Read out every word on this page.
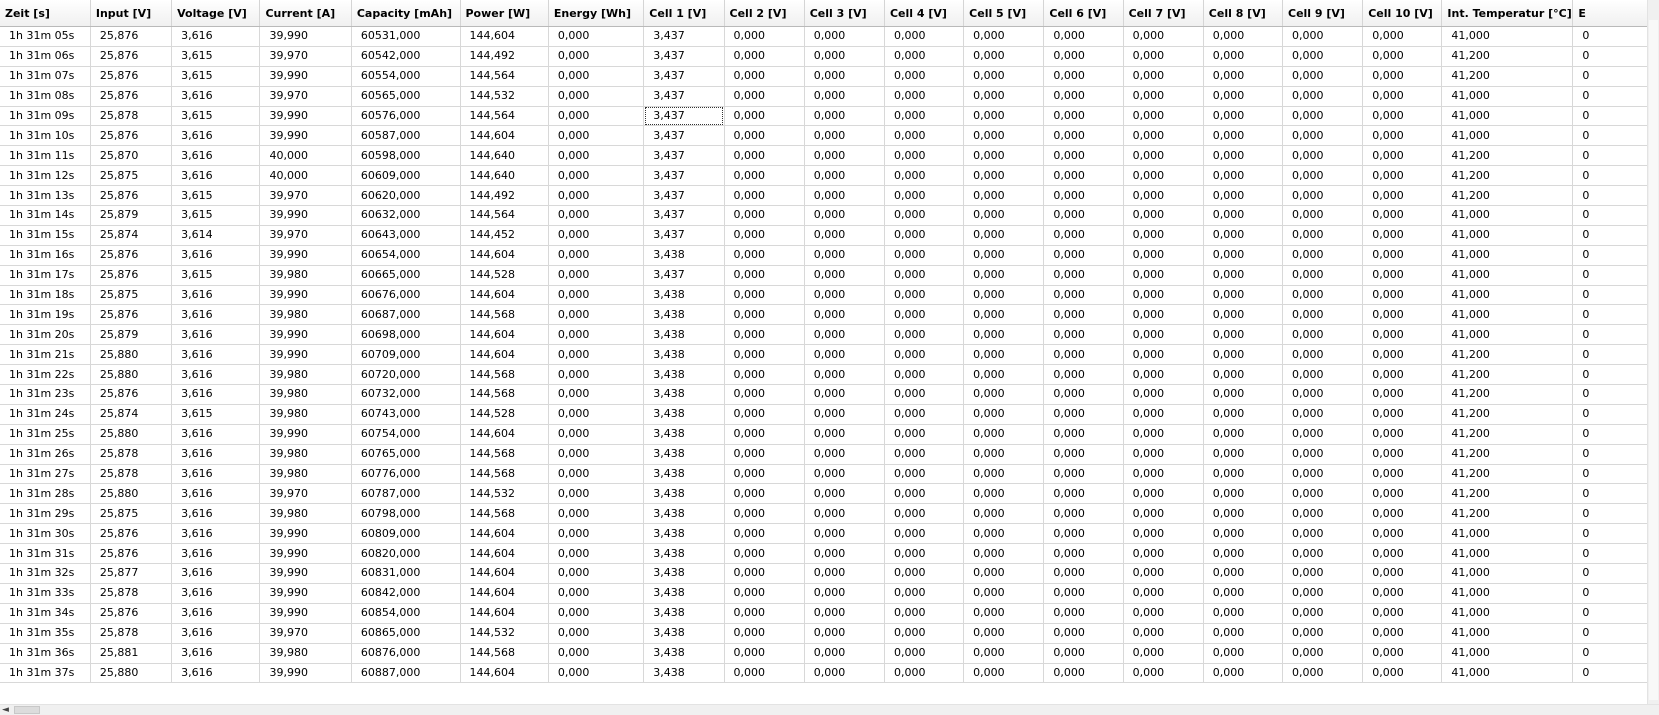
Zeit [s]	Input [V]	Voltage [V]	Current [A]	Capacity [mAh]	Power [W]	Energy [Wh]	Cell 1 [V]	Cell 2 [V]	Cell 3 [V]	Cell 4 [V]	Cell 5 [V]	Cell 6 [V]	Cell 7 [V]	Cell 8 [V]	Cell 9 [V]	Cell 10 [V]	Int. Temperatur [°C]	E
1h 31m 05s	25,876	3,616	39,990	60531,000	144,604	0,000	3,437	0,000	0,000	0,000	0,000	0,000	0,000	0,000	0,000	0,000	41,000	0
1h 31m 06s	25,876	3,615	39,970	60542,000	144,492	0,000	3,437	0,000	0,000	0,000	0,000	0,000	0,000	0,000	0,000	0,000	41,200	0
1h 31m 07s	25,876	3,615	39,990	60554,000	144,564	0,000	3,437	0,000	0,000	0,000	0,000	0,000	0,000	0,000	0,000	0,000	41,200	0
1h 31m 08s	25,876	3,616	39,970	60565,000	144,532	0,000	3,437	0,000	0,000	0,000	0,000	0,000	0,000	0,000	0,000	0,000	41,000	0
1h 31m 09s	25,878	3,615	39,990	60576,000	144,564	0,000	3,437	0,000	0,000	0,000	0,000	0,000	0,000	0,000	0,000	0,000	41,000	0
1h 31m 10s	25,876	3,616	39,990	60587,000	144,604	0,000	3,437	0,000	0,000	0,000	0,000	0,000	0,000	0,000	0,000	0,000	41,000	0
1h 31m 11s	25,870	3,616	40,000	60598,000	144,640	0,000	3,437	0,000	0,000	0,000	0,000	0,000	0,000	0,000	0,000	0,000	41,200	0
1h 31m 12s	25,875	3,616	40,000	60609,000	144,640	0,000	3,437	0,000	0,000	0,000	0,000	0,000	0,000	0,000	0,000	0,000	41,200	0
1h 31m 13s	25,876	3,615	39,970	60620,000	144,492	0,000	3,437	0,000	0,000	0,000	0,000	0,000	0,000	0,000	0,000	0,000	41,200	0
1h 31m 14s	25,879	3,615	39,990	60632,000	144,564	0,000	3,437	0,000	0,000	0,000	0,000	0,000	0,000	0,000	0,000	0,000	41,000	0
1h 31m 15s	25,874	3,614	39,970	60643,000	144,452	0,000	3,437	0,000	0,000	0,000	0,000	0,000	0,000	0,000	0,000	0,000	41,000	0
1h 31m 16s	25,876	3,616	39,990	60654,000	144,604	0,000	3,438	0,000	0,000	0,000	0,000	0,000	0,000	0,000	0,000	0,000	41,000	0
1h 31m 17s	25,876	3,615	39,980	60665,000	144,528	0,000	3,437	0,000	0,000	0,000	0,000	0,000	0,000	0,000	0,000	0,000	41,000	0
1h 31m 18s	25,875	3,616	39,990	60676,000	144,604	0,000	3,438	0,000	0,000	0,000	0,000	0,000	0,000	0,000	0,000	0,000	41,000	0
1h 31m 19s	25,876	3,616	39,980	60687,000	144,568	0,000	3,438	0,000	0,000	0,000	0,000	0,000	0,000	0,000	0,000	0,000	41,000	0
1h 31m 20s	25,879	3,616	39,990	60698,000	144,604	0,000	3,438	0,000	0,000	0,000	0,000	0,000	0,000	0,000	0,000	0,000	41,000	0
1h 31m 21s	25,880	3,616	39,990	60709,000	144,604	0,000	3,438	0,000	0,000	0,000	0,000	0,000	0,000	0,000	0,000	0,000	41,200	0
1h 31m 22s	25,880	3,616	39,980	60720,000	144,568	0,000	3,438	0,000	0,000	0,000	0,000	0,000	0,000	0,000	0,000	0,000	41,200	0
1h 31m 23s	25,876	3,616	39,980	60732,000	144,568	0,000	3,438	0,000	0,000	0,000	0,000	0,000	0,000	0,000	0,000	0,000	41,200	0
1h 31m 24s	25,874	3,615	39,980	60743,000	144,528	0,000	3,438	0,000	0,000	0,000	0,000	0,000	0,000	0,000	0,000	0,000	41,200	0
1h 31m 25s	25,880	3,616	39,990	60754,000	144,604	0,000	3,438	0,000	0,000	0,000	0,000	0,000	0,000	0,000	0,000	0,000	41,200	0
1h 31m 26s	25,878	3,616	39,980	60765,000	144,568	0,000	3,438	0,000	0,000	0,000	0,000	0,000	0,000	0,000	0,000	0,000	41,200	0
1h 31m 27s	25,878	3,616	39,980	60776,000	144,568	0,000	3,438	0,000	0,000	0,000	0,000	0,000	0,000	0,000	0,000	0,000	41,200	0
1h 31m 28s	25,880	3,616	39,970	60787,000	144,532	0,000	3,438	0,000	0,000	0,000	0,000	0,000	0,000	0,000	0,000	0,000	41,200	0
1h 31m 29s	25,875	3,616	39,980	60798,000	144,568	0,000	3,438	0,000	0,000	0,000	0,000	0,000	0,000	0,000	0,000	0,000	41,200	0
1h 31m 30s	25,876	3,616	39,990	60809,000	144,604	0,000	3,438	0,000	0,000	0,000	0,000	0,000	0,000	0,000	0,000	0,000	41,000	0
1h 31m 31s	25,876	3,616	39,990	60820,000	144,604	0,000	3,438	0,000	0,000	0,000	0,000	0,000	0,000	0,000	0,000	0,000	41,000	0
1h 31m 32s	25,877	3,616	39,990	60831,000	144,604	0,000	3,438	0,000	0,000	0,000	0,000	0,000	0,000	0,000	0,000	0,000	41,000	0
1h 31m 33s	25,878	3,616	39,990	60842,000	144,604	0,000	3,438	0,000	0,000	0,000	0,000	0,000	0,000	0,000	0,000	0,000	41,000	0
1h 31m 34s	25,876	3,616	39,990	60854,000	144,604	0,000	3,438	0,000	0,000	0,000	0,000	0,000	0,000	0,000	0,000	0,000	41,000	0
1h 31m 35s	25,878	3,616	39,970	60865,000	144,532	0,000	3,438	0,000	0,000	0,000	0,000	0,000	0,000	0,000	0,000	0,000	41,000	0
1h 31m 36s	25,881	3,616	39,980	60876,000	144,568	0,000	3,438	0,000	0,000	0,000	0,000	0,000	0,000	0,000	0,000	0,000	41,000	0
1h 31m 37s	25,880	3,616	39,990	60887,000	144,604	0,000	3,438	0,000	0,000	0,000	0,000	0,000	0,000	0,000	0,000	0,000	41,000	0
◄
